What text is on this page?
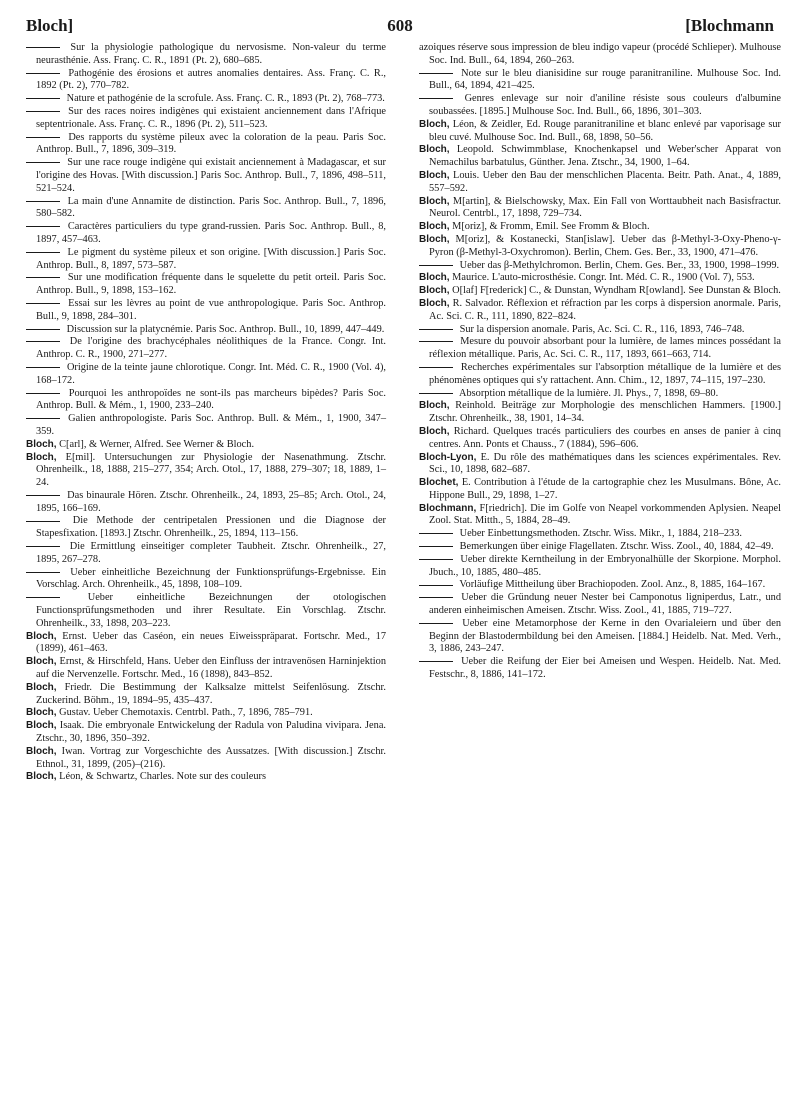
Bloch]	608	[Blochmann

Sur la physiologie pathologique du nervosisme. Non-valeur du terme neurasthénie. Ass. Franç. C. R., 1891 (Pt. 2), 680–685.

Pathogénie des érosions et autres anomalies dentaires. Ass. Franç. C. R., 1892 (Pt. 2), 770–782.

Nature et pathogénie de la scrofule. Ass. Franç. C. R., 1893 (Pt. 2), 768–773.

Sur des races noires indigènes qui existaient anciennement dans l'Afrique septentrionale. Ass. Franç. C. R., 1896 (Pt. 2), 511–523.

Des rapports du système pileux avec la coloration de la peau. Paris Soc. Anthrop. Bull., 7, 1896, 309–319.

Sur une race rouge indigène qui existait anciennement à Madagascar, et sur l'origine des Hovas. [With discussion.] Paris Soc. Anthrop. Bull., 7, 1896, 498–511, 521–524.

La main d'une Annamite de distinction. Paris Soc. Anthrop. Bull., 7, 1896, 580–582.

Caractères particuliers du type grand-russien. Paris Soc. Anthrop. Bull., 8, 1897, 457–463.

Le pigment du système pileux et son origine. [With discussion.] Paris Soc. Anthrop. Bull., 8, 1897, 573–587.

Sur une modification fréquente dans le squelette du petit orteil. Paris Soc. Anthrop. Bull., 9, 1898, 153–162.

Essai sur les lèvres au point de vue anthropologique. Paris Soc. Anthrop. Bull., 9, 1898, 284–301.

Discussion sur la platycnémie. Paris Soc. Anthrop. Bull., 10, 1899, 447–449.

De l'origine des brachycéphales néolithiques de la France. Congr. Int. Anthrop. C. R., 1900, 271–277.

Origine de la teinte jaune chlorotique. Congr. Int. Méd. C. R., 1900 (Vol. 4), 168–172.

Pourquoi les anthropoïdes ne sont-ils pas marcheurs bipèdes? Paris Soc. Anthrop. Bull. & Mém., 1, 1900, 233–240.

Galien anthropologiste. Paris Soc. Anthrop. Bull. & Mém., 1, 1900, 347–359.

Bloch, C[arl], & Werner, Alfred. See Werner & Bloch.

Bloch, E[mil]. Untersuchungen zur Physiologie der Nasenathmung. Ztschr. Ohrenheilk., 18, 1888, 215–277, 354; Arch. Otol., 17, 1888, 279–307; 18, 1889, 1–24.

Das binaurale Hören. Ztschr. Ohrenheilk., 24, 1893, 25–85; Arch. Otol., 24, 1895, 166–169.

Die Methode der centripetalen Pressionen und die Diagnose der Stapesfixation. [1893.] Ztschr. Ohrenheilk., 25, 1894, 113–156.

Die Ermittlung einseitiger completer Taubheit. Ztschr. Ohrenheilk., 27, 1895, 267–278.

Ueber einheitliche Bezeichnung der Funktionsprüfungs-Ergebnisse. Ein Vorschlag. Arch. Ohrenheilk., 45, 1898, 108–109.

Ueber einheitliche Bezeichnungen der otologischen Functionsprüfungsmethoden und ihrer Resultate. Ein Vorschlag. Ztschr. Ohrenheilk., 33, 1898, 203–223.

Bloch, Ernst. Ueber das Caséon, ein neues Eiweisspräparat. Fortschr. Med., 17 (1899), 461–463.

Bloch, Ernst, & Hirschfeld, Hans. Ueber den Einfluss der intravenösen Harninjektion auf die Nervenzelle. Fortschr. Med., 16 (1898), 843–852.

Bloch, Friedr. Die Bestimmung der Kalksalze mittelst Seifenlösung. Ztschr. Zuckerind. Böhm., 19, 1894–95, 435–437.

Bloch, Gustav. Ueber Chemotaxis. Centrbl. Path., 7, 1896, 785–791.

Bloch, Isaak. Die embryonale Entwickelung der Radula von Paludina vivipara. Jena. Ztschr., 30, 1896, 350–392.

Bloch, Iwan. Vortrag zur Vorgeschichte des Aussatzes. [With discussion.] Ztschr. Ethnol., 31, 1899, (205)–(216).

Bloch, Léon, & Schwartz, Charles. Note sur des couleurs

azoiques réserve sous impression de bleu indigo vapeur (procédé Schlieper). Mulhouse Soc. Ind. Bull., 64, 1894, 260–263.

Note sur le bleu dianisidine sur rouge paranitraniline. Mulhouse Soc. Ind. Bull., 64, 1894, 421–425.

Genres enlevage sur noir d'aniline résiste sous couleurs d'albumine soubassées. [1895.] Mulhouse Soc. Ind. Bull., 66, 1896, 301–303.

Bloch, Léon, & Zeidler, Ed. Rouge paranitraniline et blanc enlevé par vaporisage sur bleu cuvé. Mulhouse Soc. Ind. Bull., 68, 1898, 50–56.

Bloch, Leopold. Schwimmblase, Knochenkapsel und Weber'scher Apparat von Nemachilus barbatulus, Günther. Jena. Ztschr., 34, 1900, 1–64.

Bloch, Louis. Ueber den Bau der menschlichen Placenta. Beitr. Path. Anat., 4, 1889, 557–592.

Bloch, M[artin], & Bielschowsky, Max. Ein Fall von Worttaubheit nach Basisfractur. Neurol. Centrbl., 17, 1898, 729–734.

Bloch, M[oriz], & Fromm, Emil. See Fromm & Bloch.

Bloch, M[oriz], & Kostanecki, Stan[islaw]. Ueber das β-Methyl-3-Oxy-Pheno-γ-Pyron (β-Methyl-3-Oxychromon). Berlin, Chem. Ges. Ber., 33, 1900, 471–476.

Ueber das β-Methylchromon. Berlin, Chem. Ges. Ber., 33, 1900, 1998–1999.

Bloch, Maurice. L'auto-microsthésie. Congr. Int. Méd. C. R., 1900 (Vol. 7), 553.

Bloch, O[laf] F[rederick] C., & Dunstan, Wyndham R[owland]. See Dunstan & Bloch.

Bloch, R. Salvador. Réflexion et réfraction par les corps à dispersion anormale. Paris, Ac. Sci. C. R., 111, 1890, 822–824.

Sur la dispersion anomale. Paris, Ac. Sci. C. R., 116, 1893, 746–748.

Mesure du pouvoir absorbant pour la lumière, de lames minces possédant la réflexion métallique. Paris, Ac. Sci. C. R., 117, 1893, 661–663, 714.

Recherches expérimentales sur l'absorption métallique de la lumière et des phénomènes optiques qui s'y rattachent. Ann. Chim., 12, 1897, 74–115, 197–230.

Absorption métallique de la lumière. Jl. Phys., 7, 1898, 69–80.

Bloch, Reinhold. Beiträge zur Morphologie des menschlichen Hammers. [1900.] Ztschr. Ohrenheilk., 38, 1901, 14–34.

Bloch, Richard. Quelques tracés particuliers des courbes en anses de panier à cinq centres. Ann. Ponts et Chauss., 7 (1884), 596–606.

Bloch-Lyon, E. Du rôle des mathématiques dans les sciences expérimentales. Rev. Sci., 10, 1898, 682–687.

Blochet, E. Contribution à l'étude de la cartographie chez les Musulmans. Bône, Ac. Hippone Bull., 29, 1898, 1–27.

Blochmann, F[riedrich]. Die im Golfe von Neapel vorkommenden Aplysien. Neapel Zool. Stat. Mitth., 5, 1884, 28–49.

Ueber Einbettungsmethoden. Ztschr. Wiss. Mikr., 1, 1884, 218–233.

Bemerkungen über einige Flagellaten. Ztschr. Wiss. Zool., 40, 1884, 42–49.

Ueber direkte Kerntheilung in der Embryonalhülle der Skorpione. Morphol. Jbuch., 10, 1885, 480–485.

Vorläufige Mittheilung über Brachiopoden. Zool. Anz., 8, 1885, 164–167.

Ueber die Gründung neuer Nester bei Camponotus ligniperdus, Latr., und anderen einheimischen Ameisen. Ztschr. Wiss. Zool., 41, 1885, 719–727.

Ueber eine Metamorphose der Kerne in den Ovarialeiern und über den Beginn der Blastodermbildung bei den Ameisen. [1884.] Heidelb. Nat. Med. Verh., 3, 1886, 243–247.

Ueber die Reifung der Eier bei Ameisen und Wespen. Heidelb. Nat. Med. Festschr., 8, 1886, 141–172.
